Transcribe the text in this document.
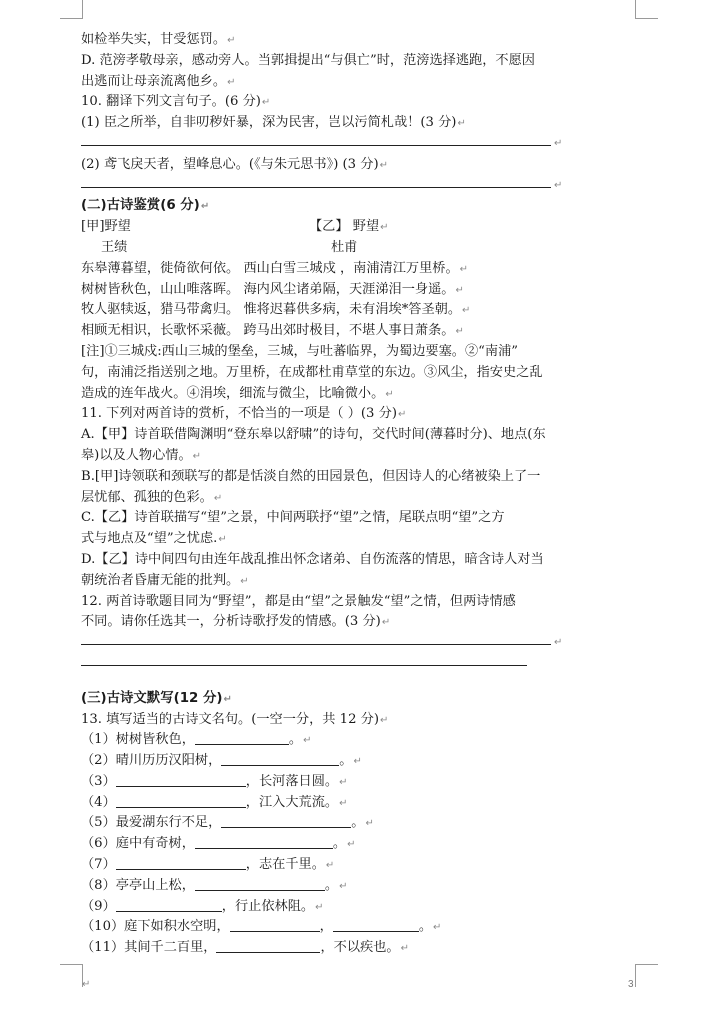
如检举失实，甘受惩罚。↵
D. 范滂孝敬母亲，感动旁人。当郭揖提出“与俱亡”时，范滂选择逃跑，不愿因
出逃而让母亲流离他乡。↵
10. 翻译下列文言句子。(6 分)↵
(1) 臣之所举，自非叨秽奸暴，深为民害，岂以污简札哉！(3 分)↵
↵
(2) 鸢飞戾天者，望峰息心。(《与朱元思书》) (3 分)↵
↵
(二)古诗鉴赏(6 分)↵
[甲]野望	【乙】 野望↵
王绩	杜甫
东皋薄暮望，徙倚欲何依。 西山白雪三城戍 ，南浦清江万里桥。↵
树树皆秋色，山山唯落晖。 海内风尘诸弟隔，天涯涕泪一身遥。↵
牧人驱犊返，猎马带禽归。 惟将迟暮供多病，未有涓埃*答圣朝。↵
相顾无相识，长歌怀采薇。 跨马出郊时极目，不堪人事日萧条。↵
[注]①三城戍:西山三城的堡垒，三城，与吐蕃临界，为蜀边要塞。②“南浦”
句，南浦泛指送别之地。万里桥，在成都杜甫草堂的东边。③风尘，指安史之乱
造成的连年战火。④涓埃，细流与微尘，比喻微小。↵
11. 下列对两首诗的赏析，不恰当的一项是（ ）(3 分)↵
A.【甲】诗首联借陶渊明“登东皋以舒啸”的诗句，交代时间(薄暮时分)、地点(东
皋)以及人物心情。↵
B.[甲]诗领联和颈联写的都是恬淡自然的田园景色，但因诗人的心绪被染上了一
层忧郁、孤独的色彩。↵
C.【乙】诗首联描写“望”之景，中间两联抒“望”之情，尾联点明“望”之方
式与地点及“望”之忧虑.↵
D.【乙】诗中间四句由连年战乱推出怀念诸弟、自伤流落的情思，暗含诗人对当
朝统治者昏庸无能的批判。↵
12. 两首诗歌题目同为“野望”，都是由“望”之景触发“望”之情，但两诗情感
不同。请你任选其一，分析诗歌抒发的情感。(3 分)↵
↵
(三)古诗文默写(12 分)↵
13. 填写适当的古诗文名句。(一空一分，共 12 分)↵
（1）树树皆秋色，	。↵
（2）晴川历历汉阳树，	。↵
（3）	，长河落日圆。↵
（4）	，江入大荒流。↵
（5）最爱湖东行不足，	。↵
（6）庭中有奇树，	。↵
（7）	，志在千里。↵
（8）亭亭山上松，	。↵
（9）	，行止依林阻。↵
（10）庭下如积水空明，	，	。↵
（11）其间千二百里，	，不以疾也。↵
↵	3
